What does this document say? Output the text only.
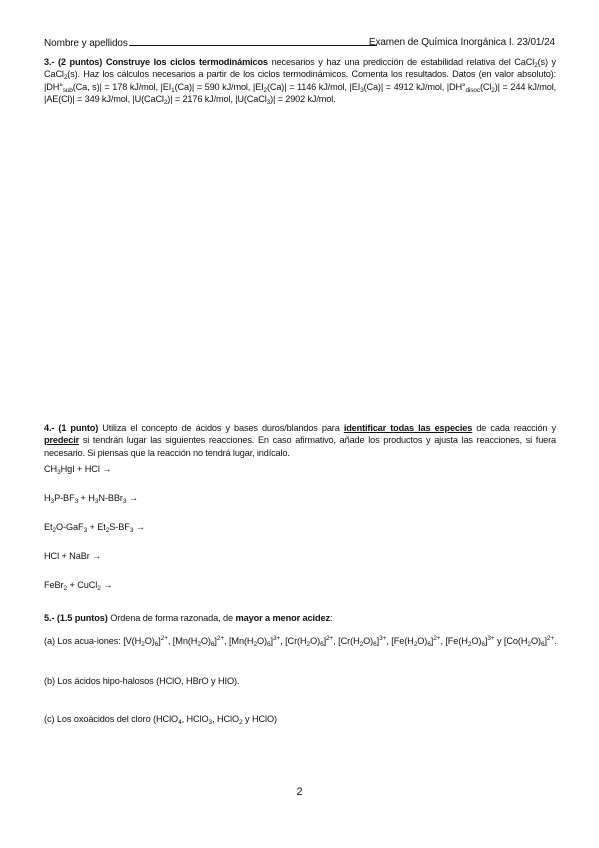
Nombre y apellidos	Examen de Química Inorgánica I. 23/01/24
3.- (2 puntos) Construye los ciclos termodinámicos necesarios y haz una predicción de estabilidad relativa del CaCl$_2$(s) y CaCl$_2$(s). Haz los cálculos necesarios a partir de los ciclos termodinámicos. Comenta los resultados. Datos (en valor absoluto): $|DH^\circ_{sub}(Ca$, s)| = 178 kJ/mol, $|EI_1(Ca)| = 590$ kJ/mol, $|EI_2(Ca)| = 1146$ kJ/mol, $|EI_3(Ca)| = 4912$ kJ/mol, $|DH^\circ_{disoc}(Cl_2)| = 244$ kJ/mol, |AE(Cl)| = 349 kJ/mol, |U(CaCl$_2$)| = 2176 kJ/mol, |U(CaCl$_3$)| = 2902 kJ/mol.
4.- (1 punto) Utiliza el concepto de ácidos y bases duros/blandos para identificar todas las especies de cada reacción y predecir si tendrán lugar las siguientes reacciones. En caso afirmativo, añade los productos y ajusta las reacciones, si fuera necesario. Si piensas que la reacción no tendrá lugar, indícalo.
$CH_3HgI$ + HCl →
$H_3P-BF_3 + H_3N-BBr_3$ →
$Et_2O-GaF_3 + Et_2S-BF_3$ →
HCl + NaBr →
FeBr$_2$ + CuCl$_2$ →
5.- (1.5 puntos) Ordena de forma razonada, de mayor a menor acidez:
(a) Los acua-iones: $[V(H_2O)_6]^{2+}$, $[Mn(H_2O)_6]^{2+}$, $[Mn(H_2O)_6]^{3+}$, $[Cr(H_2O)_6]^{2+}$, $[Cr(H_2O)_6]^{3+}$, $[Fe(H_2O)_6]^{2+}$, $[Fe(H_2O)_6]^{3+}$ y $[Co(H_2O)_6]^{2+}$.
(b) Los ácidos hipo-halosos (HClO, HBrO y HIO).
(c) Los oxoácidos del cloro (HClO$_4$, HClO$_3$, HClO$_2$ y HClO)
2
